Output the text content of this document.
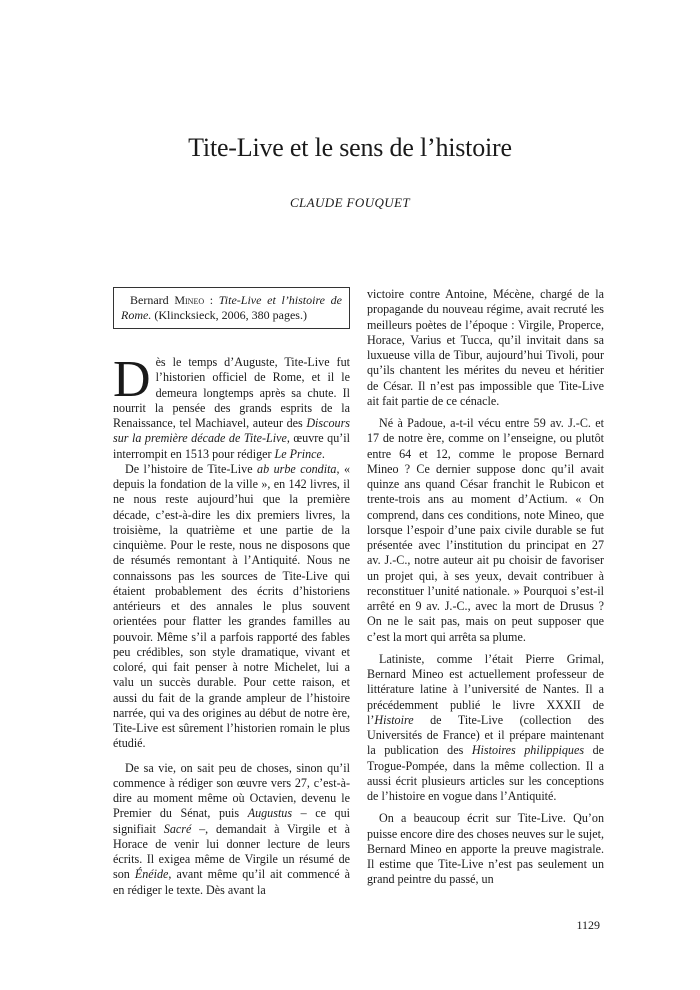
Tite-Live et le sens de l’histoire
CLAUDE FOUQUET

Bernard Mineo : Tite-Live et l’histoire de Rome. (Klincksieck, 2006, 380 pages.)

Dès le temps d’Auguste, Tite-Live fut l’historien officiel de Rome, et il le demeura longtemps après sa chute. Il nourrit la pensée des grands esprits de la Renaissance, tel Machiavel, auteur des Discours sur la première décade de Tite-Live, œuvre qu’il interrompit en 1513 pour rédiger Le Prince.

De l’histoire de Tite-Live ab urbe condita, « depuis la fondation de la ville », en 142 livres, il ne nous reste aujourd’hui que la première décade, c’est-à-dire les dix premiers livres, la troisième, la quatrième et une partie de la cinquième. Pour le reste, nous ne disposons que de résumés remontant à l’Antiquité. Nous ne connaissons pas les sources de Tite-Live qui étaient probablement des écrits d’historiens antérieurs et des annales le plus souvent orientées pour flatter les grandes familles au pouvoir. Même s’il a parfois rapporté des fables peu crédibles, son style dramatique, vivant et coloré, qui fait penser à notre Michelet, lui a valu un succès durable. Pour cette raison, et aussi du fait de la grande ampleur de l’histoire narrée, qui va des origines au début de notre ère, Tite-Live est sûrement l’historien romain le plus étudié.

De sa vie, on sait peu de choses, sinon qu’il commence à rédiger son œuvre vers 27, c’est-à-dire au moment même où Octavien, devenu le Premier du Sénat, puis Augustus – ce qui signifiait Sacré –, demandait à Virgile et à Horace de venir lui donner lecture de leurs écrits. Il exigea même de Virgile un résumé de son Énéide, avant même qu’il ait commencé à en rédiger le texte. Dès avant la

victoire contre Antoine, Mécène, chargé de la propagande du nouveau régime, avait recruté les meilleurs poètes de l’époque : Virgile, Properce, Horace, Varius et Tucca, qu’il invitait dans sa luxueuse villa de Tibur, aujourd’hui Tivoli, pour qu’ils chantent les mérites du neveu et héritier de César. Il n’est pas impossible que Tite-Live ait fait partie de ce cénacle.

Né à Padoue, a-t-il vécu entre 59 av. J.-C. et 17 de notre ère, comme on l’enseigne, ou plutôt entre 64 et 12, comme le propose Bernard Mineo ? Ce dernier suppose donc qu’il avait quinze ans quand César franchit le Rubicon et trente-trois ans au moment d’Actium. « On comprend, dans ces conditions, note Mineo, que lorsque l’espoir d’une paix civile durable se fut présentée avec l’institution du principat en 27 av. J.-C., notre auteur ait pu choisir de favoriser un projet qui, à ses yeux, devait contribuer à reconstituer l’unité nationale. » Pourquoi s’est-il arrêté en 9 av. J.-C., avec la mort de Drusus ? On ne le sait pas, mais on peut supposer que c’est la mort qui arrêta sa plume.

Latiniste, comme l’était Pierre Grimal, Bernard Mineo est actuellement professeur de littérature latine à l’université de Nantes. Il a précédemment publié le livre XXXII de l’Histoire de Tite-Live (collection des Universités de France) et il prépare maintenant la publication des Histoires philippiques de Trogue-Pompée, dans la même collection. Il a aussi écrit plusieurs articles sur les conceptions de l’histoire en vogue dans l’Antiquité.

On a beaucoup écrit sur Tite-Live. Qu’on puisse encore dire des choses neuves sur le sujet, Bernard Mineo en apporte la preuve magistrale. Il estime que Tite-Live n’est pas seulement un grand peintre du passé, un

1129
